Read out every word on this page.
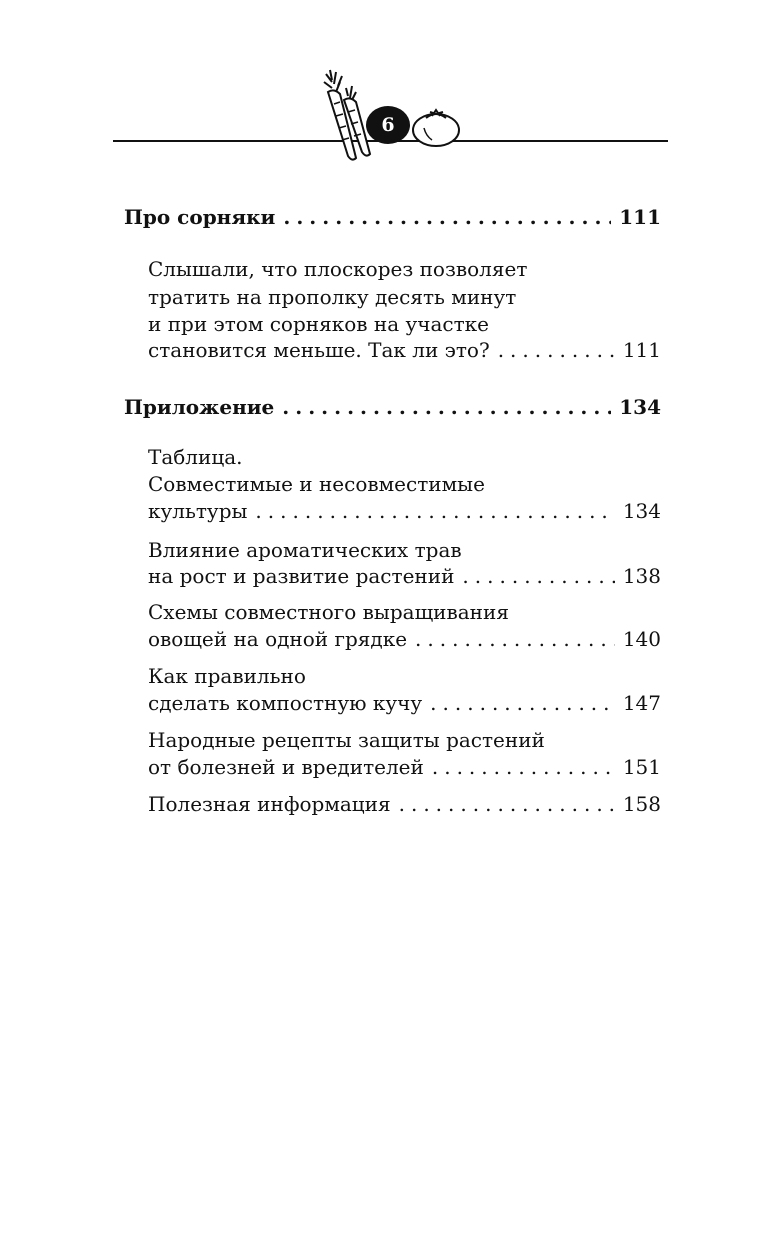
6
Про сорняки .....	111
Слышали, что плоскорез позволяет
тратить на прополку десять минут
и при этом сорняков на участке
становится меньше. Так ли это? .....	111
Приложение .....	134
Таблица.
Совместимые и несовместимые
культуры .....	134
Влияние ароматических трав
на рост и развитие растений .....	138
Схемы совместного выращивания
овощей на одной грядке .....	140
Как правильно
сделать компостную кучу .....	147
Народные рецепты защиты растений
от болезней и вредителей .....	151
Полезная информация .....	158
